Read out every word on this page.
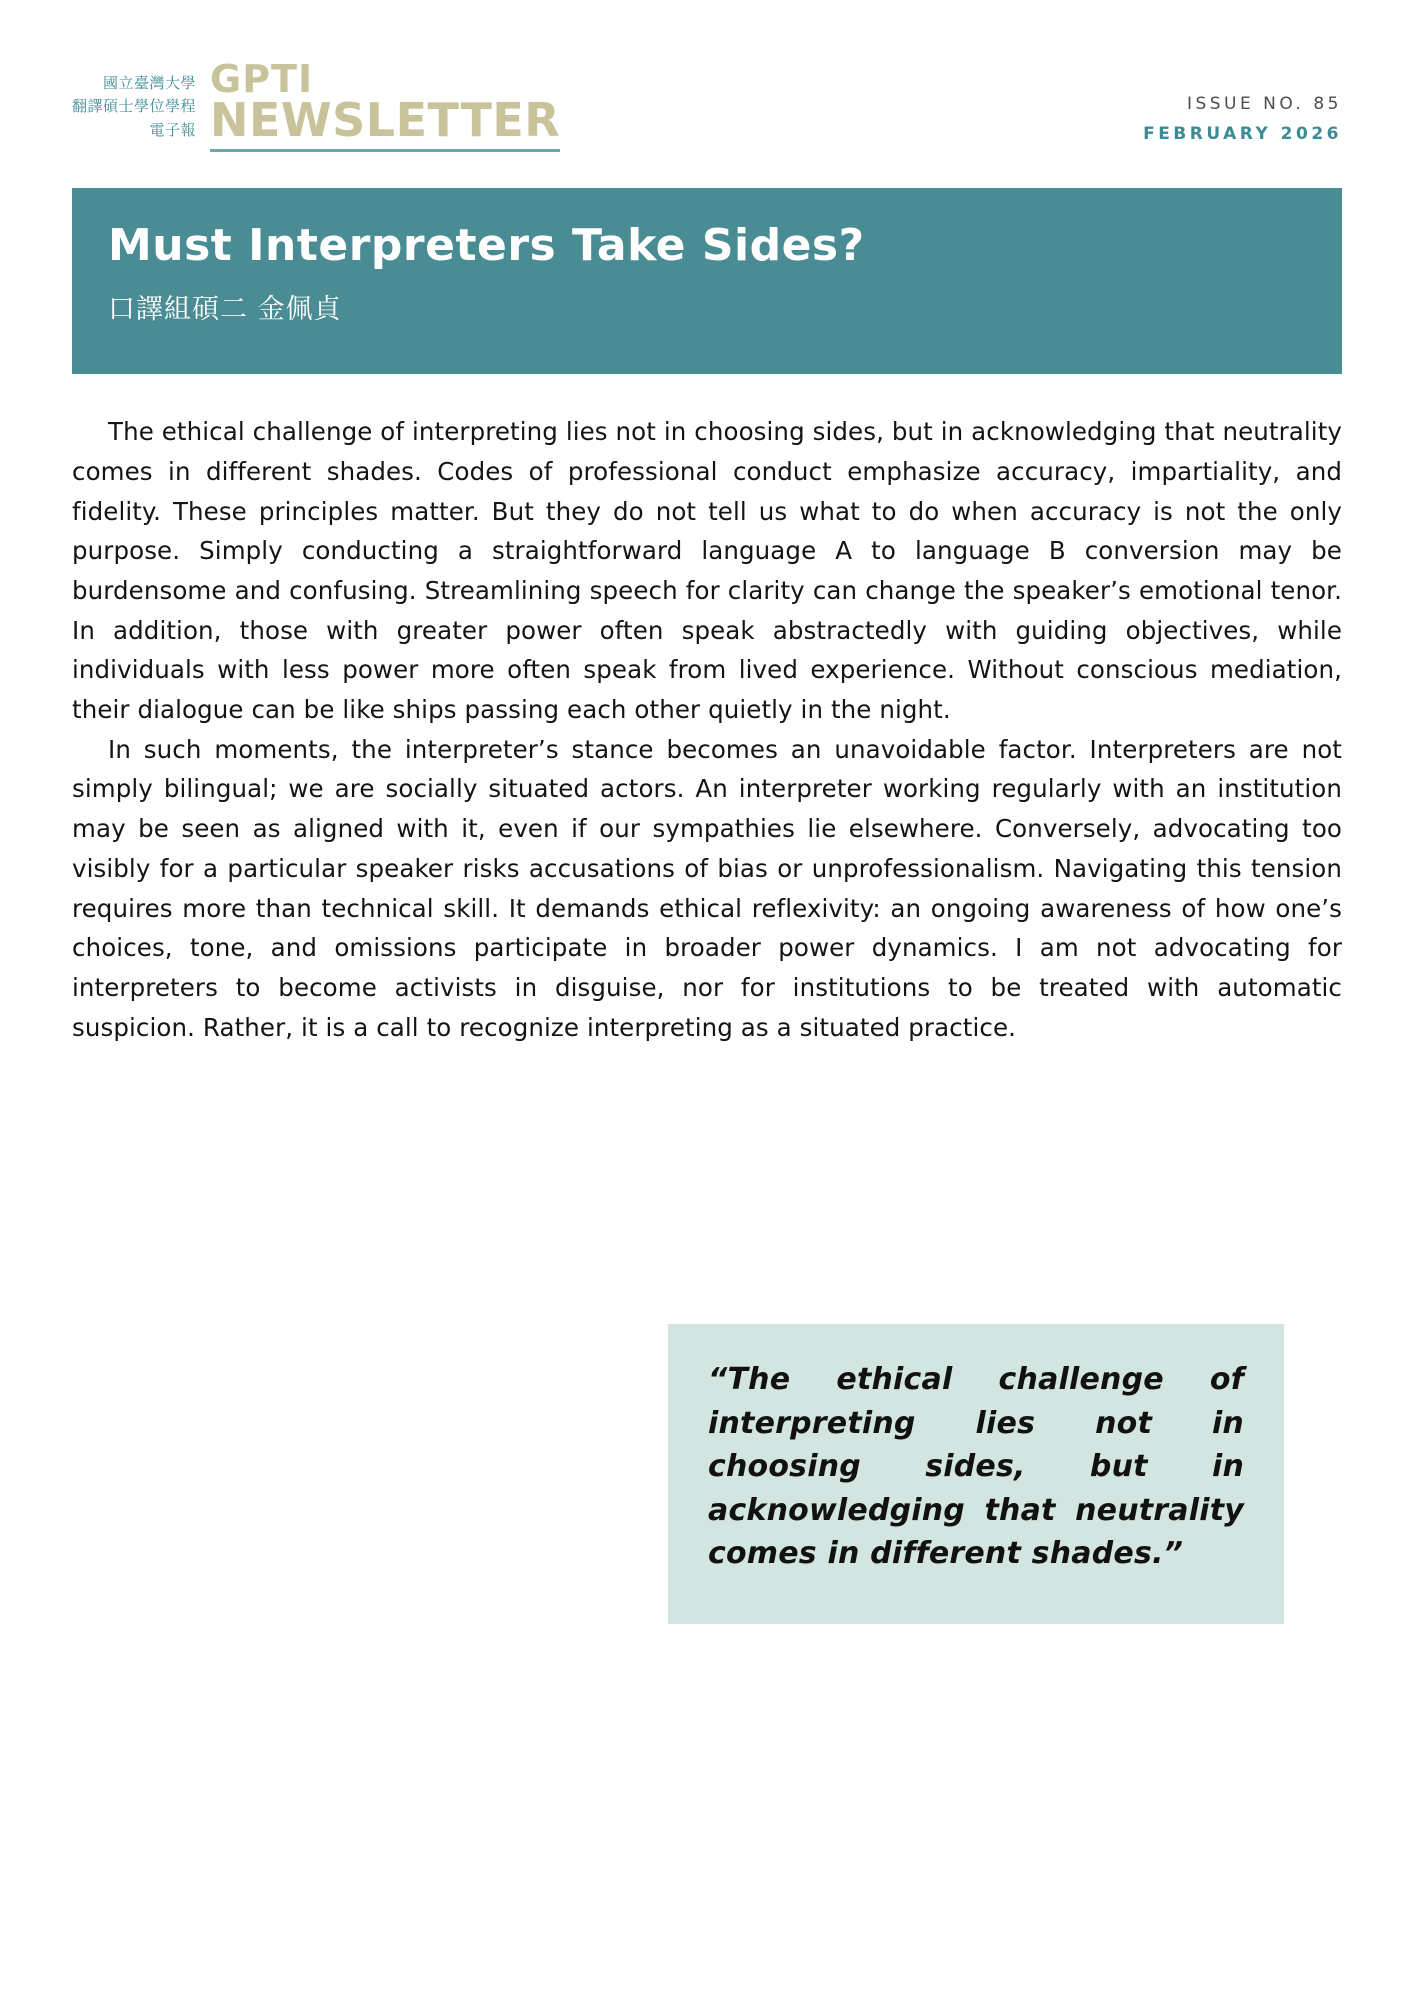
國立臺灣大學
翻譯碩士學位學程
電子報
GPTI
NEWSLETTER	ISSUE NO. 85
FEBRUARY 2026
Must Interpreters Take Sides?

口譯組碩二 金佩貞

The ethical challenge of interpreting lies not in choosing sides, but in acknowledging that neutrality comes in different shades. Codes of professional conduct emphasize accuracy, impartiality, and fidelity. These principles matter. But they do not tell us what to do when accuracy is not the only purpose. Simply conducting a straightforward language A to language B conversion may be burdensome and confusing. Streamlining speech for clarity can change the speaker’s emotional tenor. In addition, those with greater power often speak abstractedly with guiding objectives, while individuals with less power more often speak from lived experience. Without conscious mediation, their dialogue can be like ships passing each other quietly in the night.

In such moments, the interpreter’s stance becomes an unavoidable factor. Interpreters are not simply bilingual; we are socially situated actors. An interpreter working regularly with an institution may be seen as aligned with it, even if our sympathies lie elsewhere. Conversely, advocating too visibly for a particular speaker risks accusations of bias or unprofessionalism. Navigating this tension requires more than technical skill. It demands ethical reflexivity: an ongoing awareness of how one’s choices, tone, and omissions participate in broader power dynamics. I am not advocating for interpreters to become activists in disguise, nor for institutions to be treated with automatic suspicion. Rather, it is a call to recognize interpreting as a situated practice.

“The ethical challenge of interpreting lies not in choosing sides, but in acknowledging that neutrality comes in different shades.”
